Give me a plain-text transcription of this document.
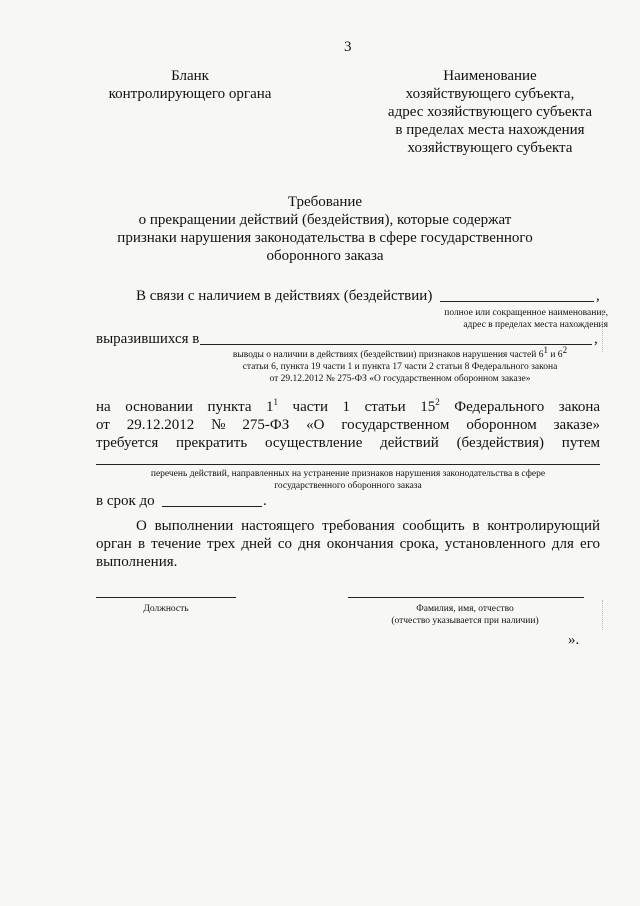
3
Бланк
контролирующего органа
Наименование
хозяйствующего субъекта,
адрес хозяйствующего субъекта
в пределах места нахождения
хозяйствующего субъекта
Требование
о прекращении действий (бездействия), которые содержат
признаки нарушения законодательства в сфере государственного
оборонного заказа
В связи с наличием в действиях (бездействии)	,
полное или сокращенное наименование,
адрес в пределах места нахождения
выразившихся в	,
выводы о наличии в действиях (бездействии) признаков нарушения частей $6^1$ и $6^2$
статьи 6, пункта 19 части 1 и пункта 17 части 2 статьи 8 Федерального закона
от 29.12.2012 № 275-ФЗ «О государственном оборонном заказе»
на основании пункта $1^1$ части 1 статьи $15^2$ Федерального закона
от 29.12.2012 № 275-ФЗ «О государственном оборонном заказе»
требуется прекратить осуществление действий (бездействия) путем
перечень действий, направленных на устранение признаков нарушения законодательства в сфере
государственного оборонного заказа
в срок до	.
О выполнении настоящего требования сообщить в контролирующий
орган в течение трех дней со дня окончания срока, установленного для его
выполнения.
Должность	Фамилия, имя, отчество
(отчество указывается при наличии)
».
